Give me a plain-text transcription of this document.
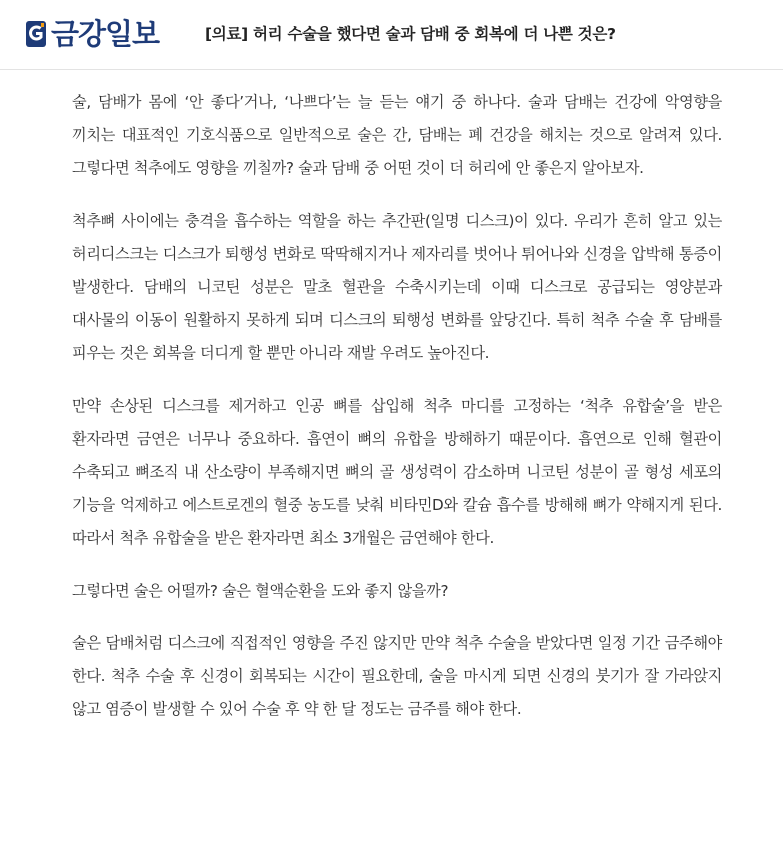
금강일보	[의료] 허리 수술을 했다면 술과 담배 중 회복에 더 나쁜 것은?

술, 담배가 몸에 ‘안 좋다’거나, ‘나쁘다’는 늘 듣는 얘기 중 하나다. 술과 담배는 건강에 악영향을 끼치는 대표적인 기호식품으로 일반적으로 술은 간, 담배는 폐 건강을 해치는 것으로 알려져 있다. 그렇다면 척추에도 영향을 끼칠까? 술과 담배 중 어떤 것이 더 허리에 안 좋은지 알아보자.

척추뼈 사이에는 충격을 흡수하는 역할을 하는 추간판(일명 디스크)이 있다. 우리가 흔히 알고 있는 허리디스크는 디스크가 퇴행성 변화로 딱딱해지거나 제자리를 벗어나 튀어나와 신경을 압박해 통증이 발생한다. 담배의 니코틴 성분은 말초 혈관을 수축시키는데 이때 디스크로 공급되는 영양분과 대사물의 이동이 원활하지 못하게 되며 디스크의 퇴행성 변화를 앞당긴다. 특히 척추 수술 후 담배를 피우는 것은 회복을 더디게 할 뿐만 아니라 재발 우려도 높아진다.

만약 손상된 디스크를 제거하고 인공 뼈를 삽입해 척추 마디를 고정하는 ‘척추 유합술’을 받은 환자라면 금연은 너무나 중요하다. 흡연이 뼈의 유합을 방해하기 때문이다. 흡연으로 인해 혈관이 수축되고 뼈조직 내 산소량이 부족해지면 뼈의 골 생성력이 감소하며 니코틴 성분이 골 형성 세포의 기능을 억제하고 에스트로겐의 혈중 농도를 낮춰 비타민D와 칼슘 흡수를 방해해 뼈가 약해지게 된다. 따라서 척추 유합술을 받은 환자라면 최소 3개월은 금연해야 한다.

그렇다면 술은 어떨까? 술은 혈액순환을 도와 좋지 않을까?

술은 담배처럼 디스크에 직접적인 영향을 주진 않지만 만약 척추 수술을 받았다면 일정 기간 금주해야 한다. 척추 수술 후 신경이 회복되는 시간이 필요한데, 술을 마시게 되면 신경의 붓기가 잘 가라앉지 않고 염증이 발생할 수 있어 수술 후 약 한 달 정도는 금주를 해야 한다.
